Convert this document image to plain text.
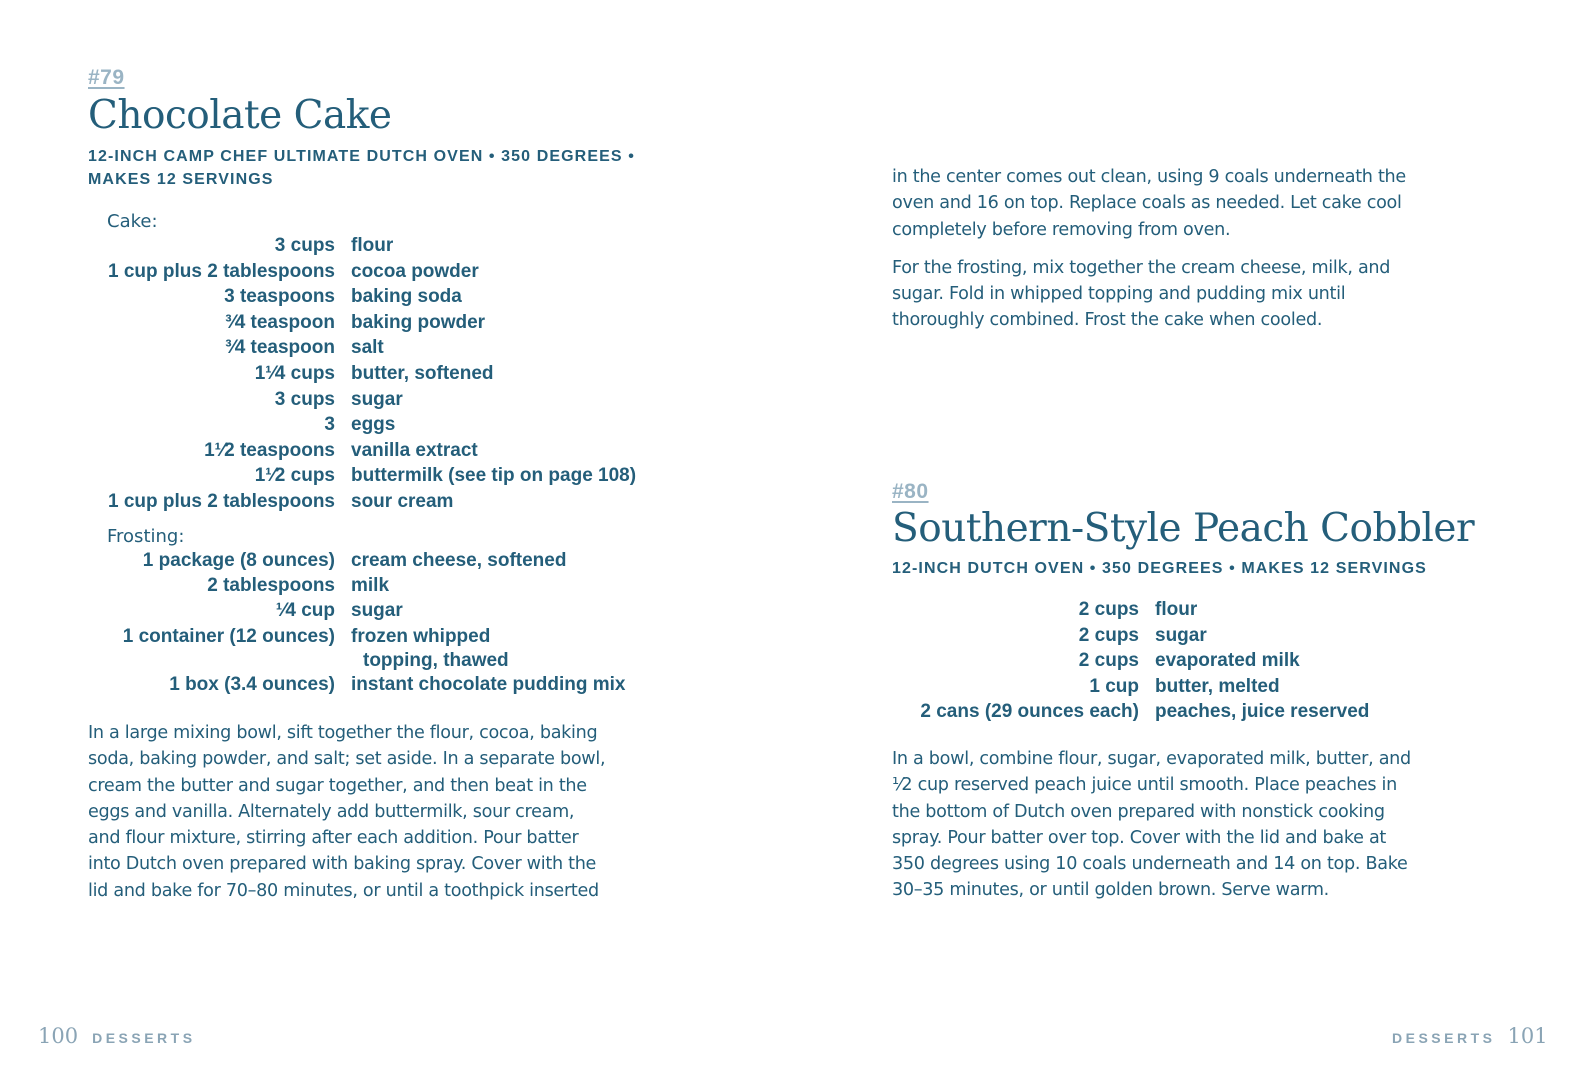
#79
Chocolate Cake
12-INCH CAMP CHEF ULTIMATE DUTCH OVEN • 350 DEGREES •
MAKES 12 SERVINGS
Cake:
3 cups
1 cup plus 2 tablespoons
3 teaspoons
³⁄4 teaspoon
³⁄4 teaspoon
1¹⁄4 cups
3 cups
3
1¹⁄2 teaspoons
1¹⁄2 cups
1 cup plus 2 tablespoons
flour
cocoa powder
baking soda
baking powder
salt
butter, softened
sugar
eggs
vanilla extract
buttermilk (see tip on page 108)
sour cream
Frosting:
1 package (8 ounces)
2 tablespoons
¹⁄4 cup
1 container (12 ounces)
1 box (3.4 ounces)
cream cheese, softened
milk
sugar
frozen whipped
topping, thawed
instant chocolate pudding mix
In a large mixing bowl, sift together the flour, cocoa, baking
soda, baking powder, and salt; set aside. In a separate bowl,
cream the butter and sugar together, and then beat in the
eggs and vanilla. Alternately add buttermilk, sour cream,
and flour mixture, stirring after each addition. Pour batter
into Dutch oven prepared with baking spray. Cover with the
lid and bake for 70–80 minutes, or until a toothpick inserted
100 DESSERTS
in the center comes out clean, using 9 coals underneath the
oven and 16 on top. Replace coals as needed. Let cake cool
completely before removing from oven.
For the frosting, mix together the cream cheese, milk, and
sugar. Fold in whipped topping and pudding mix until
thoroughly combined. Frost the cake when cooled.
#80
Southern-Style Peach Cobbler
12-INCH DUTCH OVEN • 350 DEGREES • MAKES 12 SERVINGS
2 cups
2 cups
2 cups
1 cup
2 cans (29 ounces each)
flour
sugar
evaporated milk
butter, melted
peaches, juice reserved
In a bowl, combine flour, sugar, evaporated milk, butter, and
¹⁄2 cup reserved peach juice until smooth. Place peaches in
the bottom of Dutch oven prepared with nonstick cooking
spray. Pour batter over top. Cover with the lid and bake at
350 degrees using 10 coals underneath and 14 on top. Bake
30–35 minutes, or until golden brown. Serve warm.
DESSERTS 101
